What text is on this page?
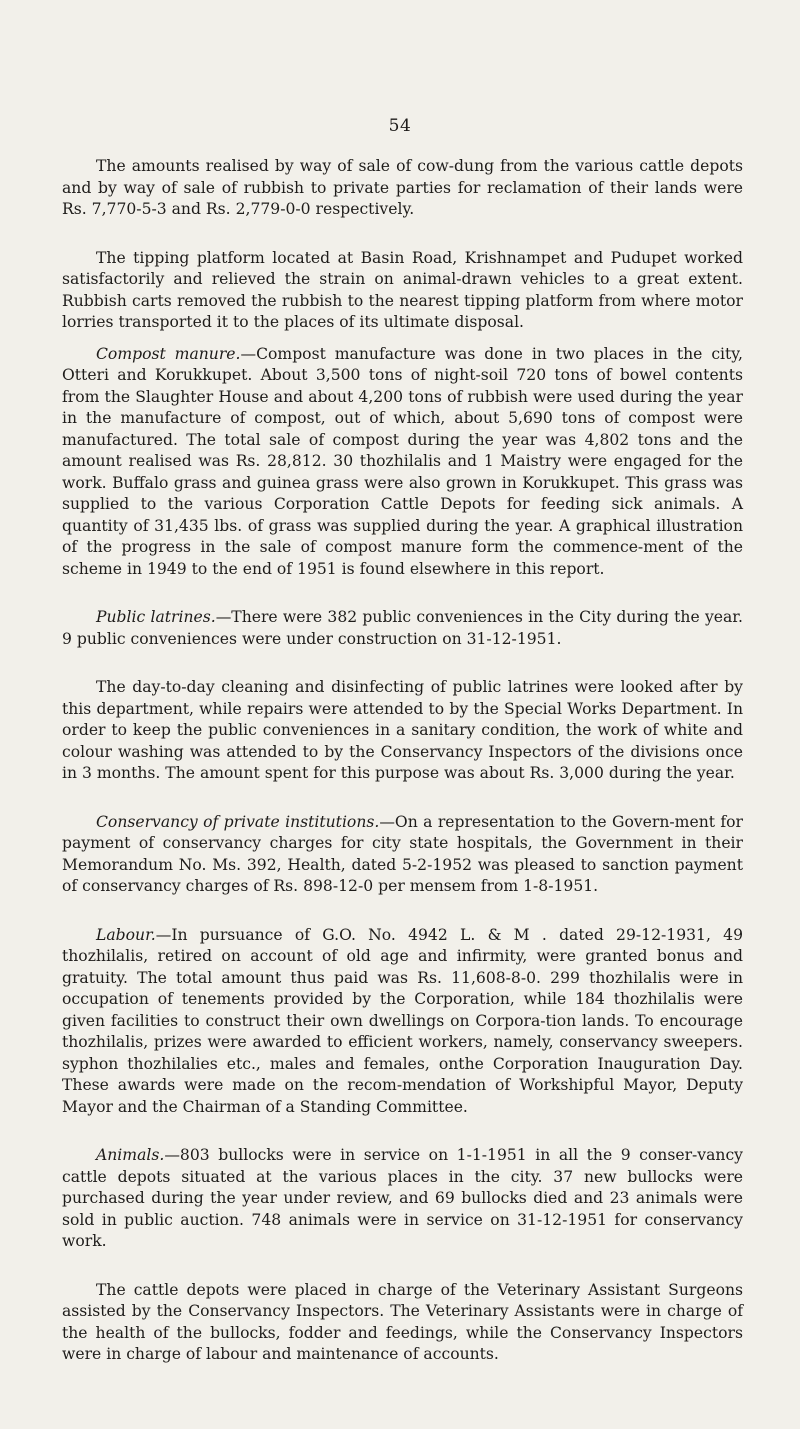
54

The amounts realised by way of sale of cow-dung from the various cattle depots and by way of sale of rubbish to private parties for reclamation of their lands were Rs. 7,770-5-3 and Rs. 2,779-0-0 respectively.

The tipping platform located at Basin Road, Krishnampet and Pudupet worked satisfactorily and relieved the strain on animal-drawn vehicles to a great extent. Rubbish carts removed the rubbish to the nearest tipping platform from where motor lorries transported it to the places of its ultimate disposal.

Compost manure.—Compost manufacture was done in two places in the city, Otteri and Korukkupet. About 3,500 tons of night-soil 720 tons of bowel contents from the Slaughter House and about 4,200 tons of rubbish were used during the year in the manufacture of compost, out of which, about 5,690 tons of compost were manufactured. The total sale of compost during the year was 4,802 tons and the amount realised was Rs. 28,812. 30 thozhilalis and 1 Maistry were engaged for the work. Buffalo grass and guinea grass were also grown in Korukkupet. This grass was supplied to the various Corporation Cattle Depots for feeding sick animals. A quantity of 31,435 lbs. of grass was supplied during the year. A graphical illustration of the progress in the sale of compost manure form the commence-ment of the scheme in 1949 to the end of 1951 is found elsewhere in this report.

Public latrines.—There were 382 public conveniences in the City during the year. 9 public conveniences were under construction on 31-12-1951.

The day-to-day cleaning and disinfecting of public latrines were looked after by this department, while repairs were attended to by the Special Works Department. In order to keep the public conveniences in a sanitary condition, the work of white and colour washing was attended to by the Conservancy Inspectors of the divisions once in 3 months. The amount spent for this purpose was about Rs. 3,000 during the year.

Conservancy of private institutions.—On a representation to the Govern-ment for payment of conservancy charges for city state hospitals, the Government in their Memorandum No. Ms. 392, Health, dated 5-2-1952 was pleased to sanction payment of conservancy charges of Rs. 898-12-0 per mensem from 1-8-1951.

Labour.—In pursuance of G.O. No. 4942 L. & M . dated 29-12-1931, 49 thozhilalis, retired on account of old age and infirmity, were granted bonus and gratuity. The total amount thus paid was Rs. 11,608-8-0. 299 thozhilalis were in occupation of tenements provided by the Corporation, while 184 thozhilalis were given facilities to construct their own dwellings on Corpora-tion lands. To encourage thozhilalis, prizes were awarded to efficient workers, namely, conservancy sweepers. syphon thozhilalies etc., males and females, onthe Corporation Inauguration Day. These awards were made on the recom-mendation of Workshipful Mayor, Deputy Mayor and the Chairman of a Standing Committee.

Animals.—803 bullocks were in service on 1-1-1951 in all the 9 conser-vancy cattle depots situated at the various places in the city. 37 new bullocks were purchased during the year under review, and 69 bullocks died and 23 animals were sold in public auction. 748 animals were in service on 31-12-1951 for conservancy work.

The cattle depots were placed in charge of the Veterinary Assistant Surgeons assisted by the Conservancy Inspectors. The Veterinary Assistants were in charge of the health of the bullocks, fodder and feedings, while the Conservancy Inspectors were in charge of labour and maintenance of accounts.
